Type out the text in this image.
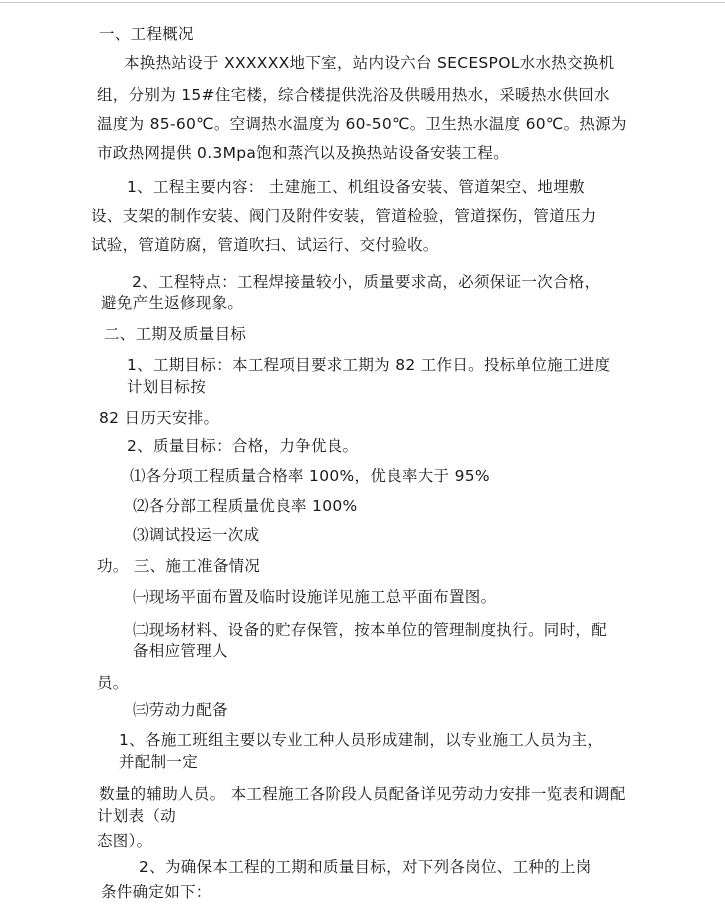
一、工程概况
本换热站设于 XXXXXX地下室，站内设六台 SECESPOL水水热交换机
组，分别为 15#住宅楼，综合楼提供洗浴及供暖用热水，采暖热水供回水
温度为 85-60℃。空调热水温度为 60-50℃。卫生热水温度 60℃。热源为
市政热网提供 0.3Mpa饱和蒸汽以及换热站设备安装工程。
1、工程主要内容： 土建施工、机组设备安装、管道架空、地埋敷
设、支架的制作安装、阀门及附件安装，管道检验，管道探伤，管道压力
试验，管道防腐，管道吹扫、试运行、交付验收。
2、工程特点：工程焊接量较小，质量要求高，必须保证一次合格，
避免产生返修现象。
二、工期及质量目标
1、工期目标：本工程项目要求工期为 82 工作日。投标单位施工进度
计划目标按
82 日历天安排。
2、质量目标：合格，力争优良。
⑴各分项工程质量合格率 100%，优良率大于 95%
⑵各分部工程质量优良率 100%
⑶调试投运一次成
功。 三、施工准备情况
㈠现场平面布置及临时设施详见施工总平面布置图。
㈡现场材料、设备的贮存保管，按本单位的管理制度执行。同时，配
备相应管理人
员。
㈢劳动力配备
1、各施工班组主要以专业工种人员形成建制，以专业施工人员为主，
并配制一定
数量的辅助人员。 本工程施工各阶段人员配备详见劳动力安排一览表和调配
计划表（动
态图）。
2、为确保本工程的工期和质量目标，对下列各岗位、工种的上岗
条件确定如下：
